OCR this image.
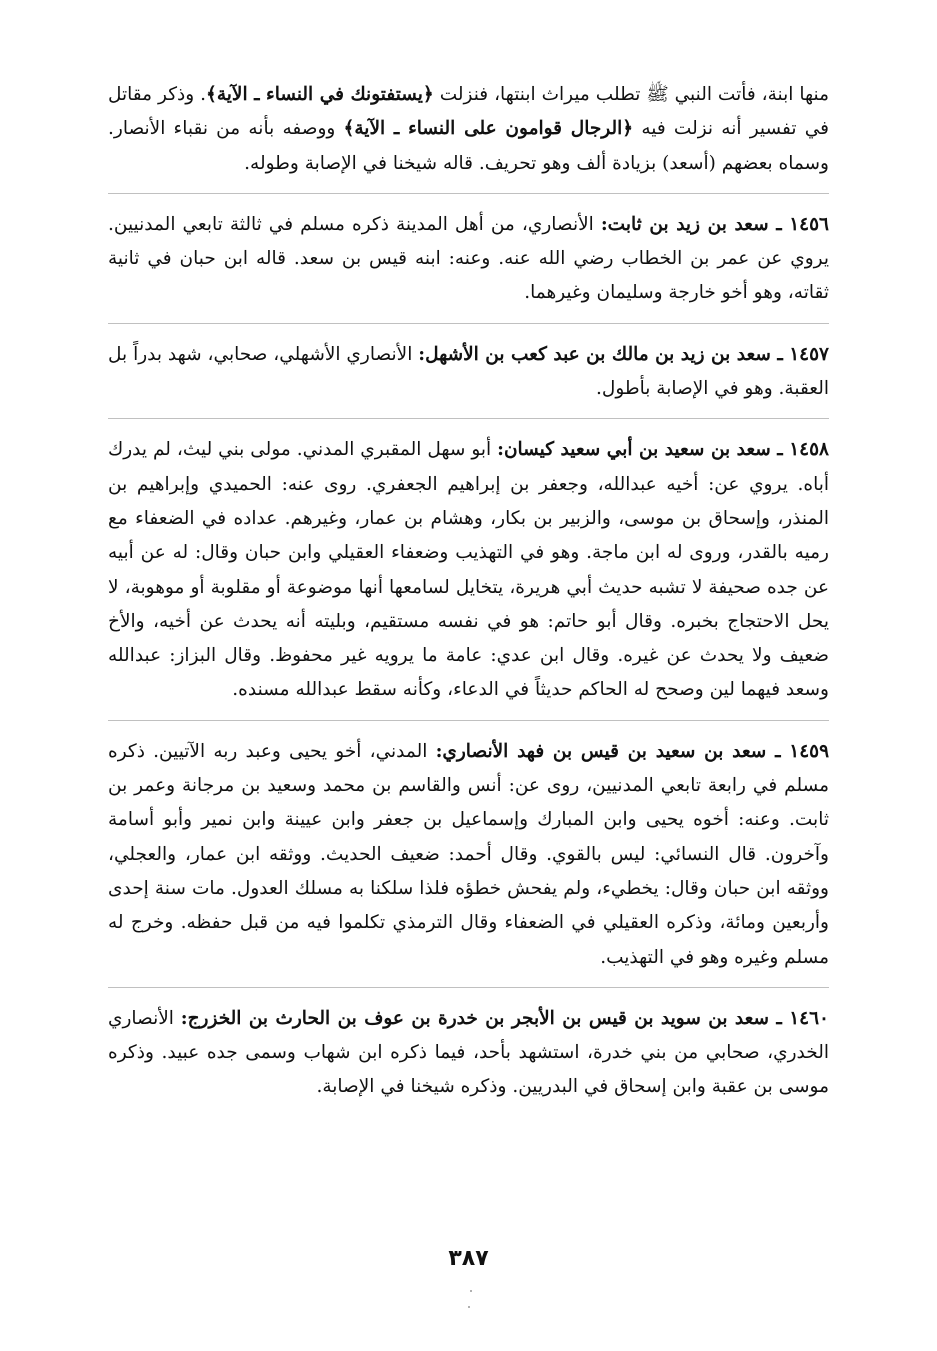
منها ابنة، فأتت النبي ﷺ تطلب ميراث ابنتها، فنزلت ﴿يستفتونك في النساء ـ الآية﴾. وذكر مقاتل في تفسير أنه نزلت فيه ﴿الرجال قوامون على النساء ـ الآية﴾ ووصفه بأنه من نقباء الأنصار. وسماه بعضهم (أسعد) بزيادة ألف وهو تحريف. قاله شيخنا في الإصابة وطوله.

١٤٥٦ ـ سعد بن زيد بن ثابت: الأنصاري، من أهل المدينة ذكره مسلم في ثالثة تابعي المدنيين. يروي عن عمر بن الخطاب رضي الله عنه. وعنه: ابنه قيس بن سعد. قاله ابن حبان في ثانية ثقاته، وهو أخو خارجة وسليمان وغيرهما.

١٤٥٧ ـ سعد بن زيد بن مالك بن عبد كعب بن الأشهل: الأنصاري الأشهلي، صحابي، شهد بدراً بل العقبة. وهو في الإصابة بأطول.

١٤٥٨ ـ سعد بن سعيد بن أبي سعيد كيسان: أبو سهل المقبري المدني. مولى بني ليث، لم يدرك أباه. يروي عن: أخيه عبدالله، وجعفر بن إبراهيم الجعفري. روى عنه: الحميدي وإبراهيم بن المنذر، وإسحاق بن موسى، والزبير بن بكار، وهشام بن عمار، وغيرهم. عداده في الضعفاء مع رميه بالقدر، وروى له ابن ماجة. وهو في التهذيب وضعفاء العقيلي وابن حبان وقال: له عن أبيه عن جده صحيفة لا تشبه حديث أبي هريرة، يتخايل لسامعها أنها موضوعة أو مقلوبة أو موهوبة، لا يحل الاحتجاج بخبره. وقال أبو حاتم: هو في نفسه مستقيم، وبليته أنه يحدث عن أخيه، والأخ ضعيف ولا يحدث عن غيره. وقال ابن عدي: عامة ما يرويه غير محفوظ. وقال البزاز: عبدالله وسعد فيهما لين وصحح له الحاكم حديثاً في الدعاء، وكأنه سقط عبدالله مسنده.

١٤٥٩ ـ سعد بن سعيد بن قيس بن فهد الأنصاري: المدني، أخو يحيى وعبد ربه الآتيين. ذكره مسلم في رابعة تابعي المدنيين، روى عن: أنس والقاسم بن محمد وسعيد بن مرجانة وعمر بن ثابت. وعنه: أخوه يحيى وابن المبارك وإسماعيل بن جعفر وابن عيينة وابن نمير وأبو أسامة وآخرون. قال النسائي: ليس بالقوي. وقال أحمد: ضعيف الحديث. ووثقه ابن عمار، والعجلي، ووثقه ابن حبان وقال: يخطيء، ولم يفحش خطؤه فلذا سلكنا به مسلك العدول. مات سنة إحدى وأربعين ومائة، وذكره العقيلي في الضعفاء وقال الترمذي تكلموا فيه من قبل حفظه. وخرج له مسلم وغيره وهو في التهذيب.

١٤٦٠ ـ سعد بن سويد بن قيس بن الأبجر بن خدرة بن عوف بن الحارث بن الخزرج: الأنصاري الخدري، صحابي من بني خدرة، استشهد بأحد، فيما ذكره ابن شهاب وسمى جده عبيد. وذكره موسى بن عقبة وابن إسحاق في البدريين. وذكره شيخنا في الإصابة.

٣٨٧
